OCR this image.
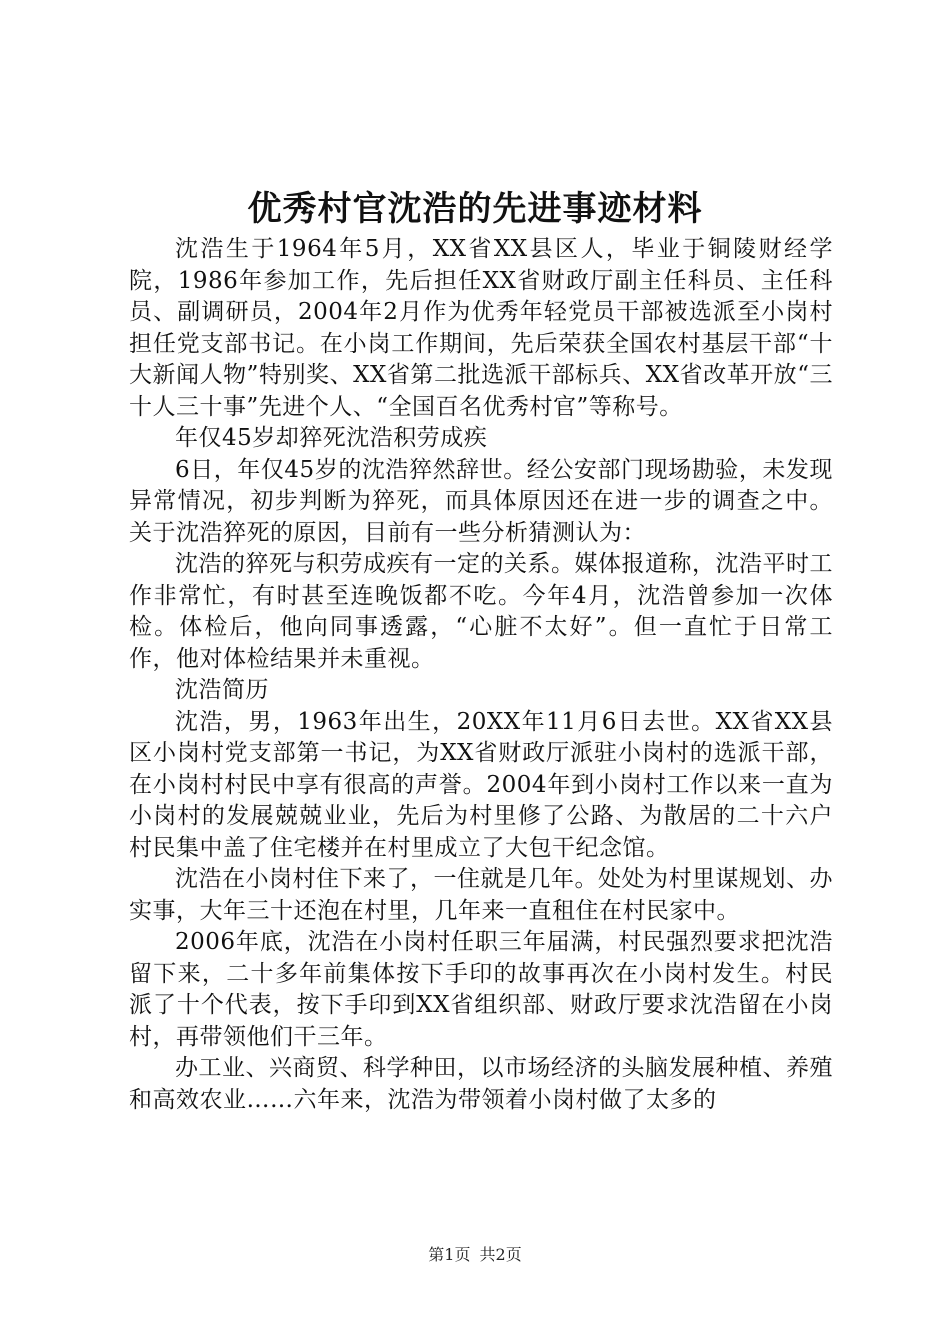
优秀村官沈浩的先进事迹材料

沈浩生于1964年5月，XX省XX县区人，毕业于铜陵财经学院，1986年参加工作，先后担任XX省财政厅副主任科员、主任科员、副调研员，2004年2月作为优秀年轻党员干部被选派至小岗村担任党支部书记。在小岗工作期间，先后荣获全国农村基层干部“十大新闻人物”特别奖、XX省第二批选派干部标兵、XX省改革开放“三十人三十事”先进个人、“全国百名优秀村官”等称号。

年仅45岁却猝死沈浩积劳成疾

6日，年仅45岁的沈浩猝然辞世。经公安部门现场勘验，未发现异常情况，初步判断为猝死，而具体原因还在进一步的调查之中。关于沈浩猝死的原因，目前有一些分析猜测认为：

沈浩的猝死与积劳成疾有一定的关系。媒体报道称，沈浩平时工作非常忙，有时甚至连晚饭都不吃。今年4月，沈浩曾参加一次体检。体检后，他向同事透露，“心脏不太好”。但一直忙于日常工作，他对体检结果并未重视。

沈浩简历

沈浩，男，1963年出生，20XX年11月6日去世。XX省XX县区小岗村党支部第一书记，为XX省财政厅派驻小岗村的选派干部，在小岗村村民中享有很高的声誉。2004年到小岗村工作以来一直为小岗村的发展兢兢业业，先后为村里修了公路、为散居的二十六户村民集中盖了住宅楼并在村里成立了大包干纪念馆。

沈浩在小岗村住下来了，一住就是几年。处处为村里谋规划、办实事，大年三十还泡在村里，几年来一直租住在村民家中。

2006年底，沈浩在小岗村任职三年届满，村民强烈要求把沈浩留下来，二十多年前集体按下手印的故事再次在小岗村发生。村民派了十个代表，按下手印到XX省组织部、财政厅要求沈浩留在小岗村，再带领他们干三年。

办工业、兴商贸、科学种田，以市场经济的头脑发展种植、养殖和高效农业……六年来，沈浩为带领着小岗村做了太多的

第1页 共2页
